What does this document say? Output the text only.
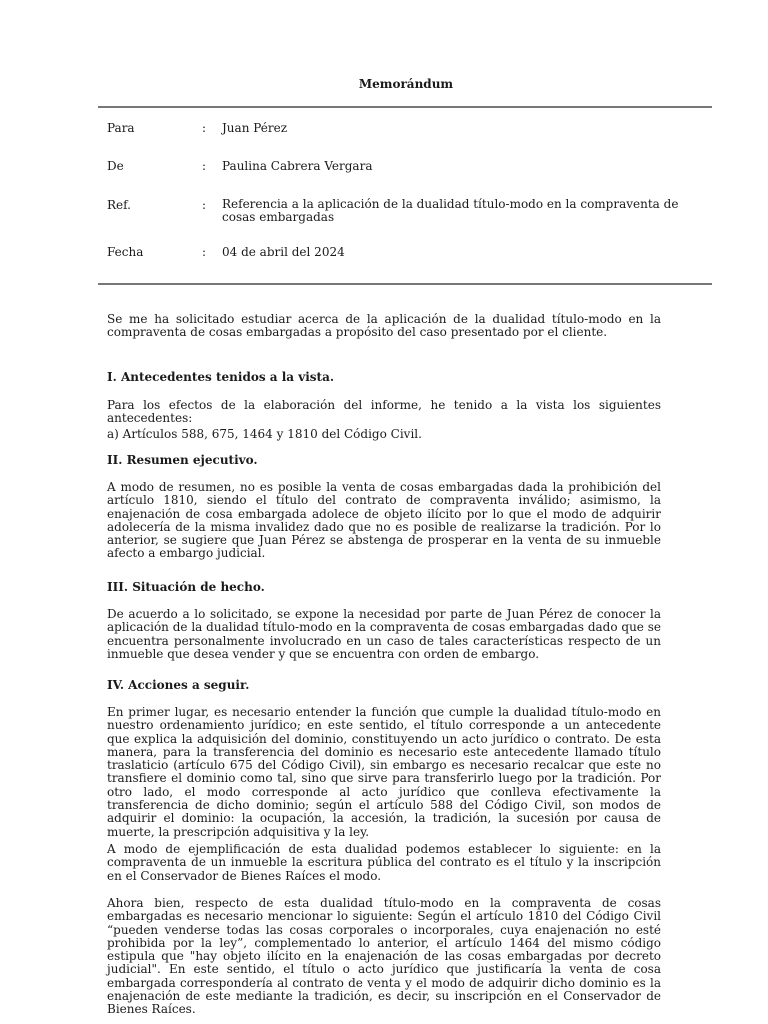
Memorándum
Para	: Juan Pérez
De	: Paulina Cabrera Vergara
Ref.	: Referencia a la aplicación de la dualidad título-modo en la compraventa de cosas embargadas
Fecha	: 04 de abril del 2024

Se me ha solicitado estudiar acerca de la aplicación de la dualidad título-modo en la compraventa de cosas embargadas a propósito del caso presentado por el cliente.

I. Antecedentes tenidos a la vista.

Para los efectos de la elaboración del informe, he tenido a la vista los siguientes antecedentes:

a) Artículos 588, 675, 1464 y 1810 del Código Civil.

II. Resumen ejecutivo.

A modo de resumen, no es posible la venta de cosas embargadas dada la prohibición del artículo 1810, siendo el título del contrato de compraventa inválido; asimismo, la enajenación de cosa embargada adolece de objeto ilícito por lo que el modo de adquirir adolecería de la misma invalidez dado que no es posible de realizarse la tradición. Por lo anterior, se sugiere que Juan Pérez se abstenga de prosperar en la venta de su inmueble afecto a embargo judicial.

III. Situación de hecho.

De acuerdo a lo solicitado, se expone la necesidad por parte de Juan Pérez de conocer la aplicación de la dualidad título-modo en la compraventa de cosas embargadas dado que se encuentra personalmente involucrado en un caso de tales características respecto de un inmueble que desea vender y que se encuentra con orden de embargo.

IV. Acciones a seguir.

En primer lugar, es necesario entender la función que cumple la dualidad título-modo en nuestro ordenamiento jurídico; en este sentido, el título corresponde a un antecedente que explica la adquisición del dominio, constituyendo un acto jurídico o contrato. De esta manera, para la transferencia del dominio es necesario este antecedente llamado título traslaticio (artículo 675 del Código Civil), sin embargo es necesario recalcar que este no transfiere el dominio como tal, sino que sirve para transferirlo luego por la tradición. Por otro lado, el modo corresponde al acto jurídico que conlleva efectivamente la transferencia de dicho dominio; según el artículo 588 del Código Civil, son modos de adquirir el dominio: la ocupación, la accesión, la tradición, la sucesión por causa de muerte, la prescripción adquisitiva y la ley.

A modo de ejemplificación de esta dualidad podemos establecer lo siguiente: en la compraventa de un inmueble la escritura pública del contrato es el título y la inscripción en el Conservador de Bienes Raíces el modo.

Ahora bien, respecto de esta dualidad título-modo en la compraventa de cosas embargadas es necesario mencionar lo siguiente: Según el artículo 1810 del Código Civil “pueden venderse todas las cosas corporales o incorporales, cuya enajenación no esté prohibida por la ley”, complementado lo anterior, el artículo 1464 del mismo código estipula que "hay objeto ilícito en la enajenación de las cosas embargadas por decreto judicial". En este sentido, el título o acto jurídico que justificaría la venta de cosa embargada correspondería al contrato de venta y el modo de adquirir dicho dominio es la enajenación de este mediante la tradición, es decir, su inscripción en el Conservador de Bienes Raíces.
